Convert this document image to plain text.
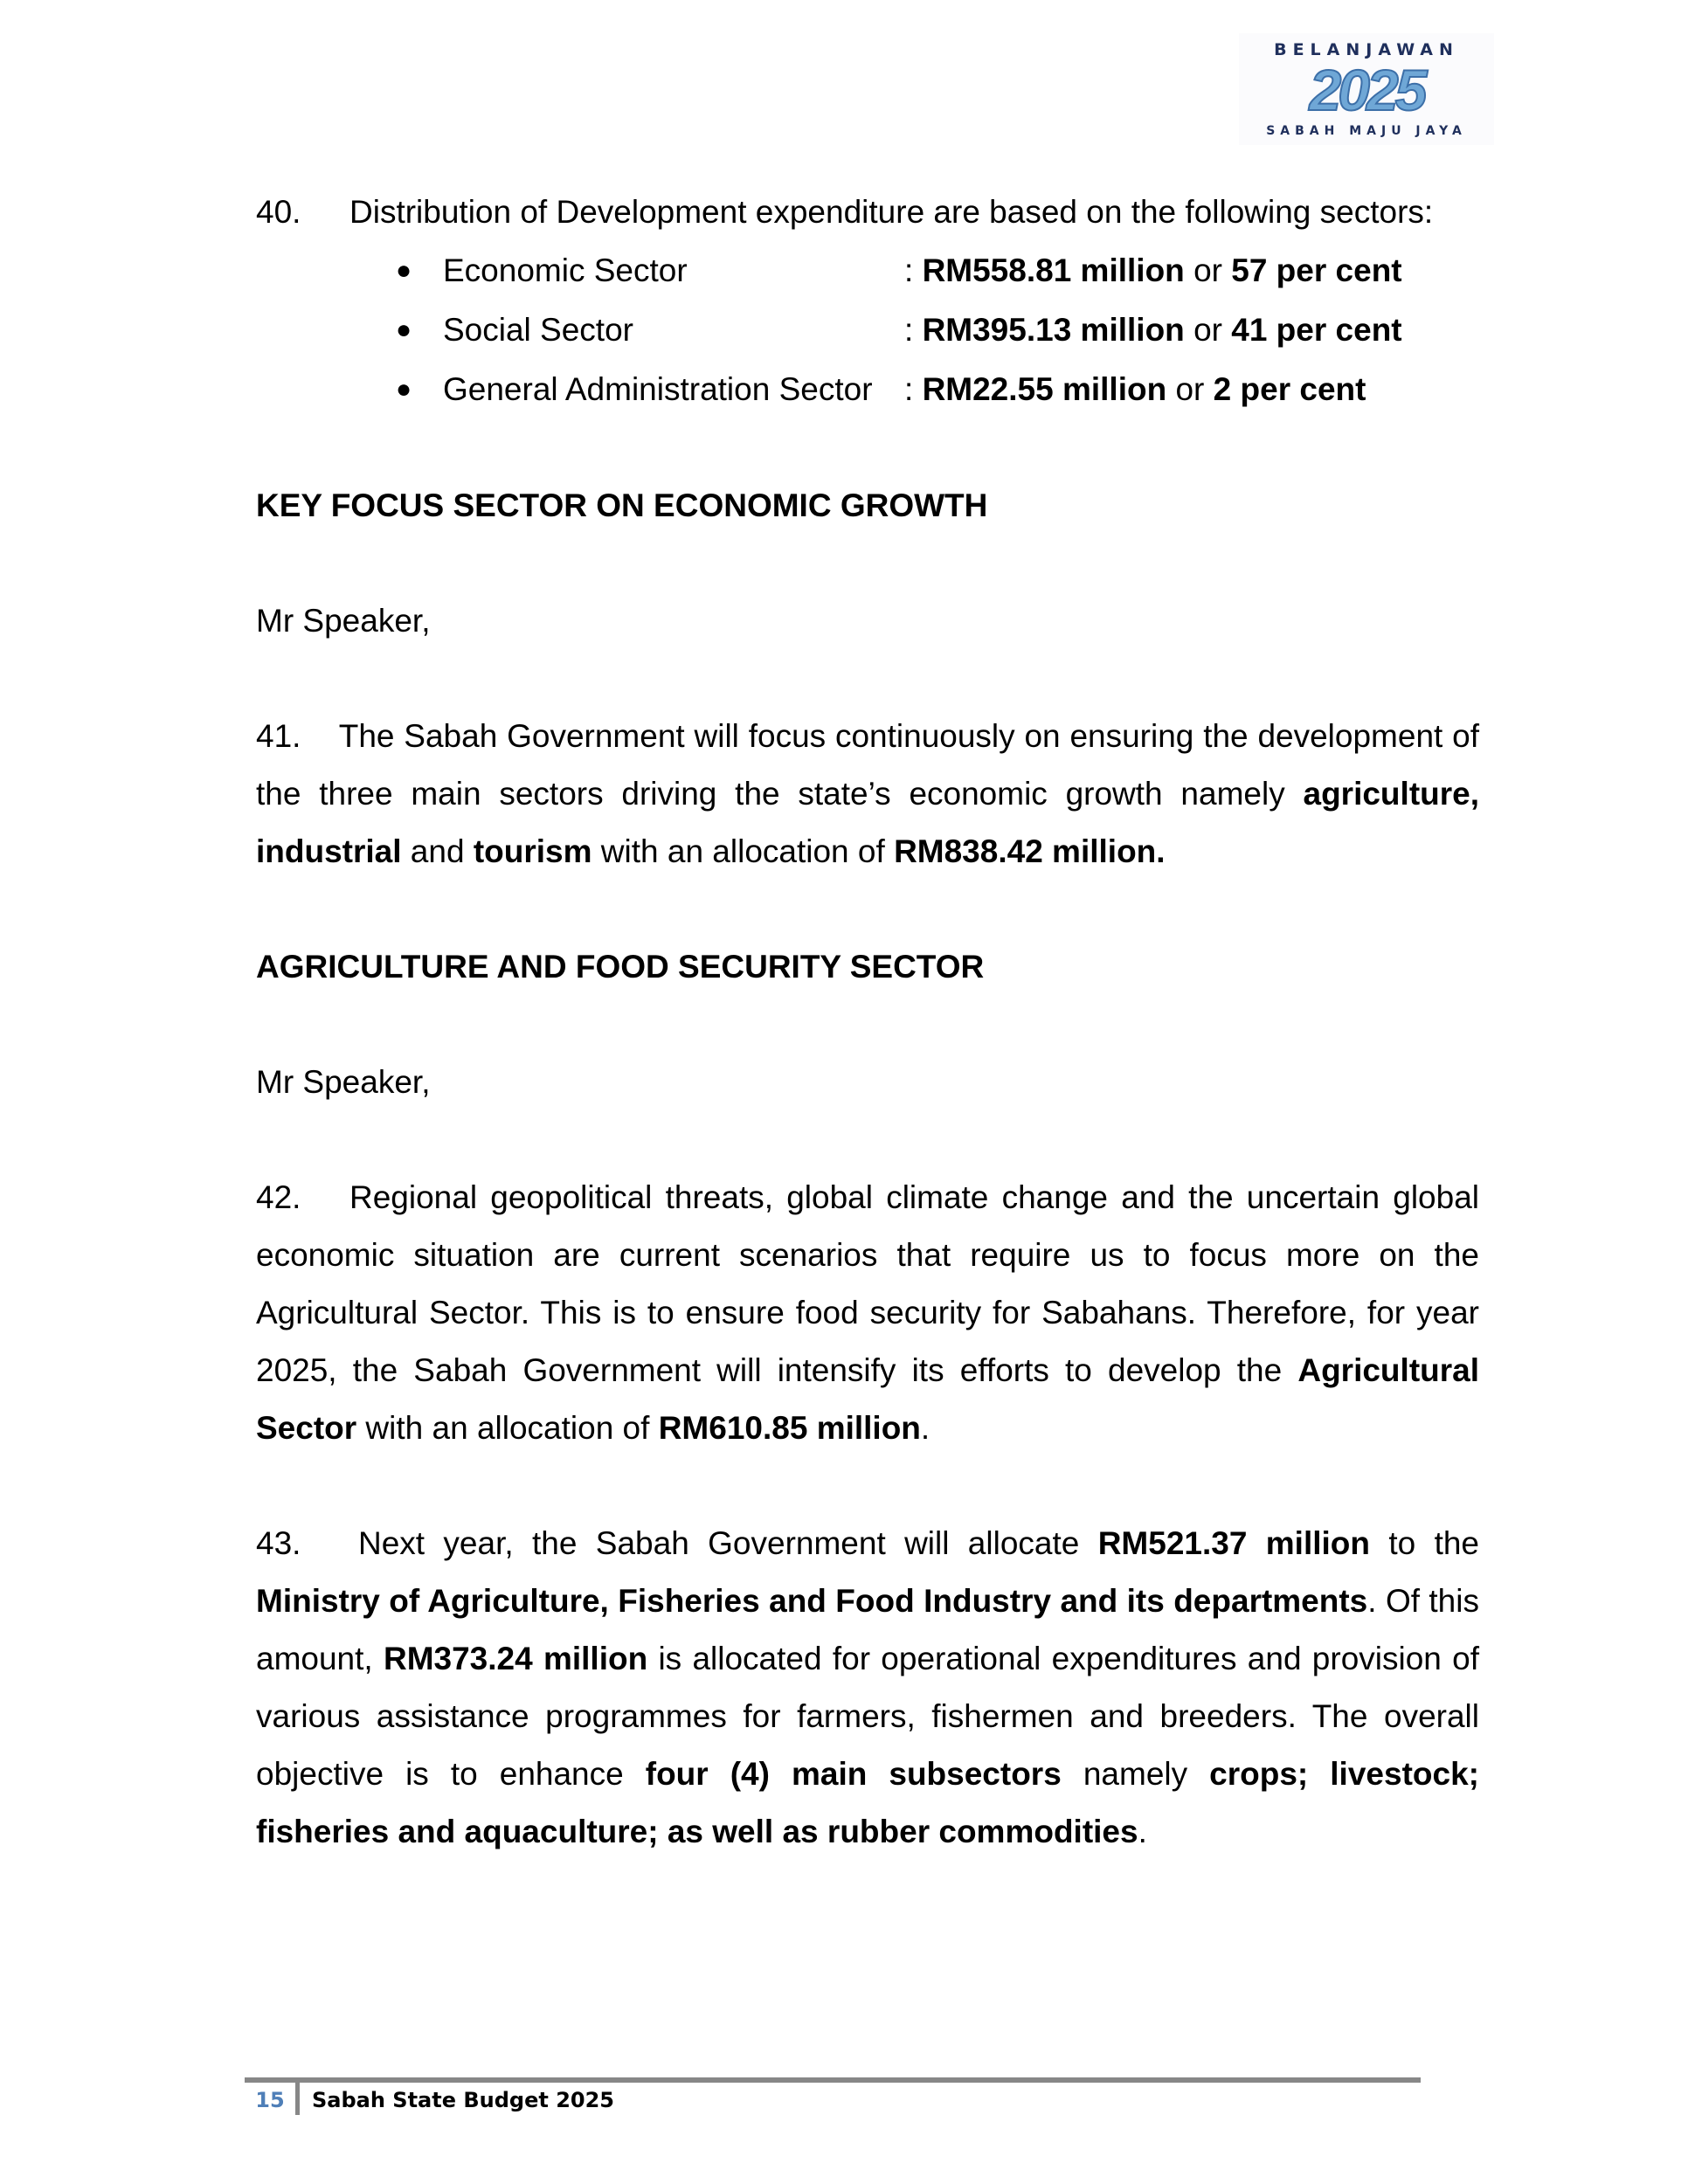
BELANJAWAN
2025
SABAH MAJU JAYA

40. Distribution of Development expenditure are based on the following sectors:

● Economic Sector	: RM558.81 million or 57 per cent
● Social Sector	: RM395.13 million or 41 per cent
● General Administration Sector : RM22.55 million or 2 per cent

KEY FOCUS SECTOR ON ECONOMIC GROWTH

Mr Speaker,

41. The Sabah Government will focus continuously on ensuring the development of the three main sectors driving the state’s economic growth namely agriculture, industrial and tourism with an allocation of RM838.42 million.

AGRICULTURE AND FOOD SECURITY SECTOR

Mr Speaker,

42. Regional geopolitical threats, global climate change and the uncertain global economic situation are current scenarios that require us to focus more on the Agricultural Sector. This is to ensure food security for Sabahans. Therefore, for year 2025, the Sabah Government will intensify its efforts to develop the Agricultural Sector with an allocation of RM610.85 million.

43. Next year, the Sabah Government will allocate RM521.37 million to the Ministry of Agriculture, Fisheries and Food Industry and its departments. Of this amount, RM373.24 million is allocated for operational expenditures and provision of various assistance programmes for farmers, fishermen and breeders. The overall objective is to enhance four (4) main subsectors namely crops; livestock; fisheries and aquaculture; as well as rubber commodities.

15	Sabah State Budget 2025
